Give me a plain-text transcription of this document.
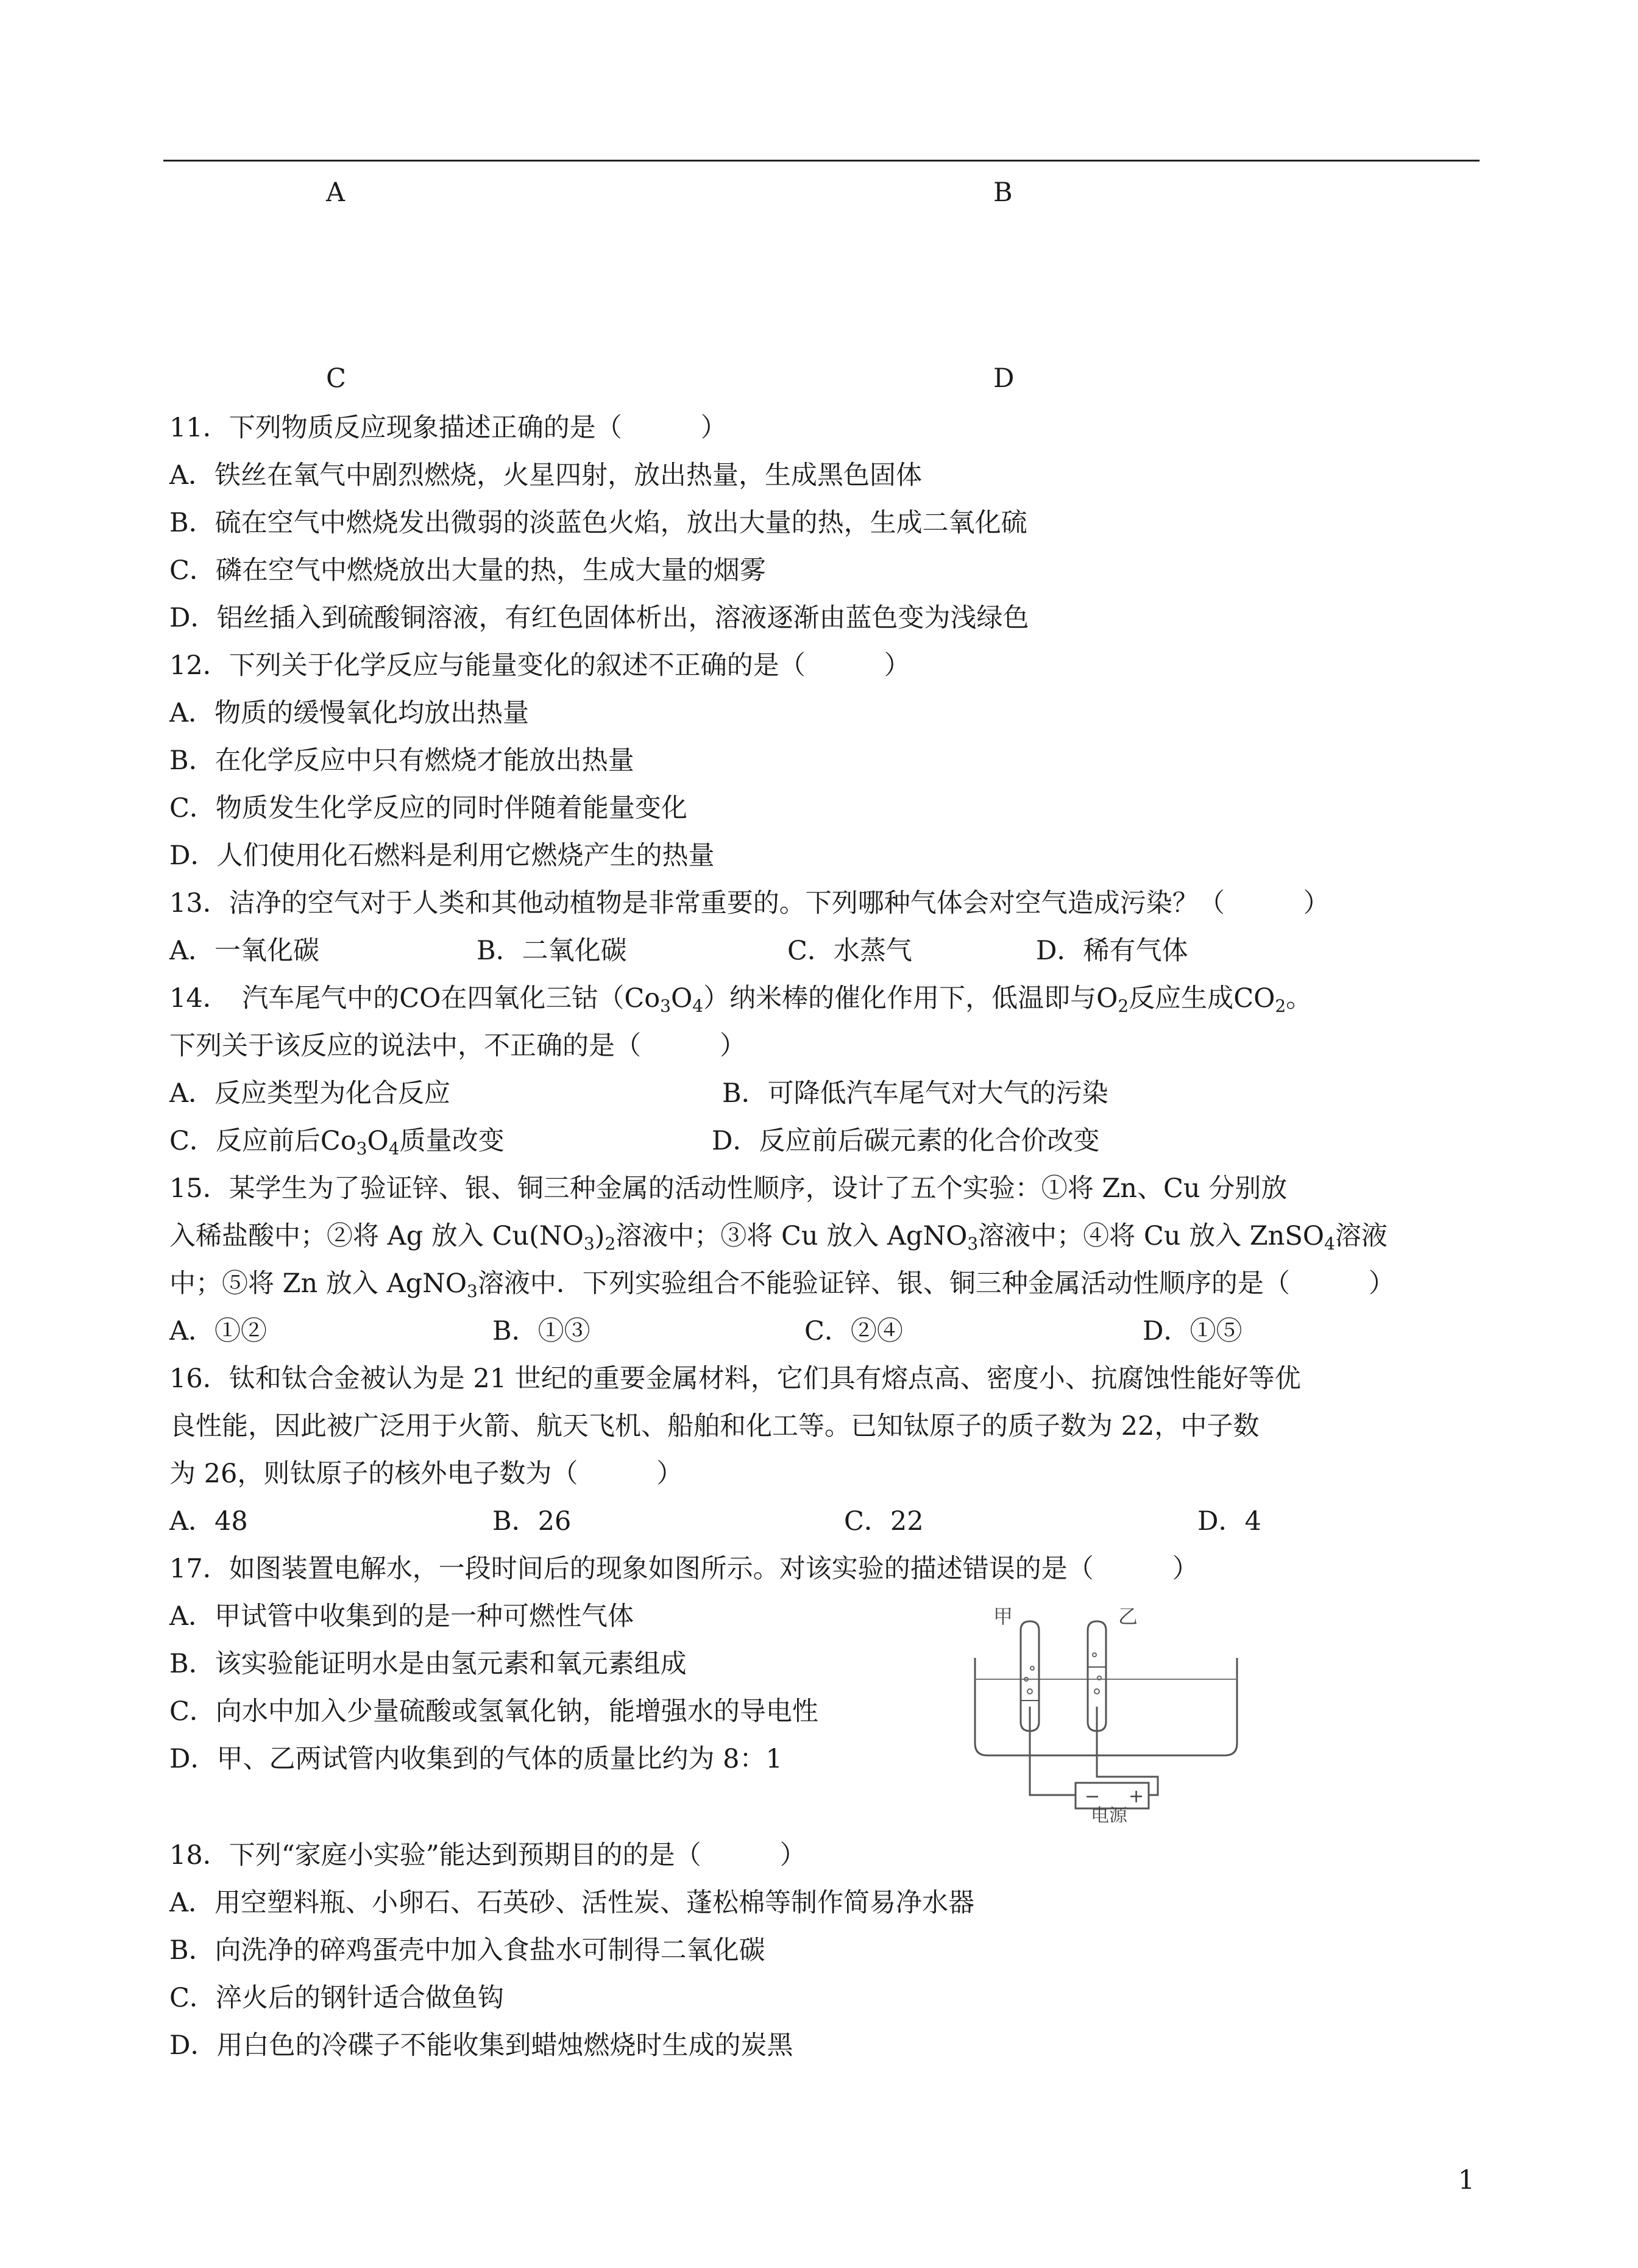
A	B
C	D
11．下列物质反应现象描述正确的是（　　　）
A．铁丝在氧气中剧烈燃烧，火星四射，放出热量，生成黑色固体
B．硫在空气中燃烧发出微弱的淡蓝色火焰，放出大量的热，生成二氧化硫
C．磷在空气中燃烧放出大量的热，生成大量的烟雾
D．铝丝插入到硫酸铜溶液，有红色固体析出，溶液逐渐由蓝色变为浅绿色
12．下列关于化学反应与能量变化的叙述不正确的是（　　　）
A．物质的缓慢氧化均放出热量
B．在化学反应中只有燃烧才能放出热量
C．物质发生化学反应的同时伴随着能量变化
D．人们使用化石燃料是利用它燃烧产生的热量
13．洁净的空气对于人类和其他动植物是非常重要的。下列哪种气体会对空气造成污染？（　　　）
A．一氧化碳	B．二氧化碳	C．水蒸气	D．稀有气体
14．　汽车尾气中的CO在四氧化三钴$(Co_3O_4)$纳米棒的催化作用下，低温即与$O_2$反应生成$CO_2$。
下列关于该反应的说法中，不正确的是（　　　）
A．反应类型为化合反应	B．可降低汽车尾气对大气的污染
C．反应前后$Co_3O_4$质量改变	D．反应前后碳元素的化合价改变
15．某学生为了验证锌、银、铜三种金属的活动性顺序，设计了五个实验：①将 Zn、Cu 分别放
入稀盐酸中；②将 Ag 放入 $Cu(NO_3)_2$溶液中；③将 Cu 放入 AgNO$_3$溶液中；④将 Cu 放入 ZnSO$_4$溶液
中；⑤将 Zn 放入 AgNO$_3$溶液中．下列实验组合不能验证锌、银、铜三种金属活动性顺序的是（　　　）
A．①②	B．①③	C．②④	D．①⑤
16．钛和钛合金被认为是 21 世纪的重要金属材料，它们具有熔点高、密度小、抗腐蚀性能好等优
良性能，因此被广泛用于火箭、航天飞机、船舶和化工等。已知钛原子的质子数为 22，中子数
为 26，则钛原子的核外电子数为（　　　）
A．48	B．26	C．22	D．4
17．如图装置电解水，一段时间后的现象如图所示。对该实验的描述错误的是（　　　）
A．甲试管中收集到的是一种可燃性气体
B．该实验能证明水是由氢元素和氧元素组成
C．向水中加入少量硫酸或氢氧化钠，能增强水的导电性
D．甲、乙两试管内收集到的气体的质量比约为 8：1
甲	乙
− +
电源
18．下列“家庭小实验”能达到预期目的的是（　　　）
A．用空塑料瓶、小卵石、石英砂、活性炭、蓬松棉等制作简易净水器
B．向洗净的碎鸡蛋壳中加入食盐水可制得二氧化碳
C．淬火后的钢针适合做鱼钩
D．用白色的冷碟子不能收集到蜡烛燃烧时生成的炭黑
1
